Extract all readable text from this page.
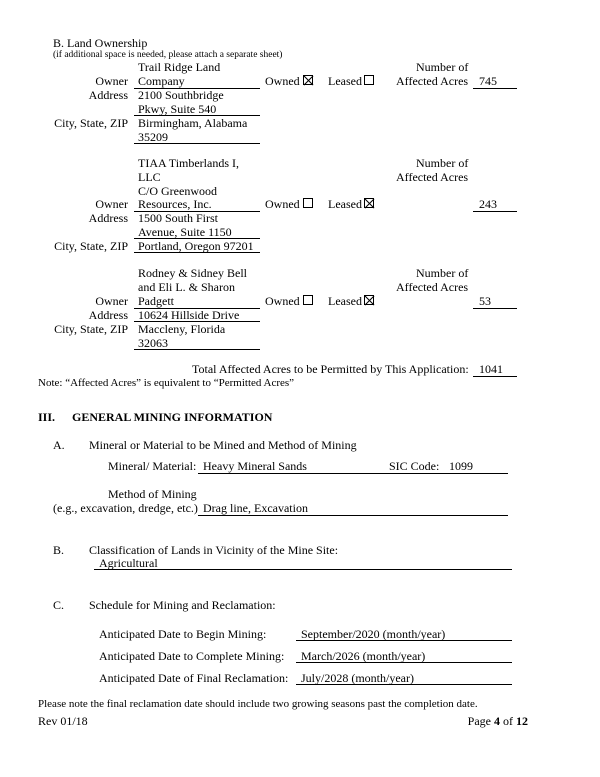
B. Land Ownership
(if additional space is needed, please attach a separate sheet)
Trail Ridge Land
Owner Company
Address 2100 Southbridge
Pkwy, Suite 540
City, State, ZIP Birmingham, Alabama
35209
Owned Leased
Number of
Affected Acres 745
TIAA Timberlands I,
LLC
C/O Greenwood
Owner Resources, Inc.
Address 1500 South First
Avenue, Suite 1150
City, State, ZIP Portland, Oregon 97201
Owned Leased
Number of
Affected Acres
243
Rodney & Sidney Bell
and Eli L. & Sharon
Owner Padgett
Address 10624 Hillside Drive
City, State, ZIP Maccleny, Florida
32063
Owned Leased
Number of
Affected Acres
53
Total Affected Acres to be Permitted by This Application: 1041
Note: “Affected Acres” is equivalent to “Permitted Acres”
III. GENERAL MINING INFORMATION
A. Mineral or Material to be Mined and Method of Mining
Mineral/ Material: Heavy Mineral Sands	SIC Code: 1099
Method of Mining
(e.g., excavation, dredge, etc.) Drag line, Excavation
B. Classification of Lands in Vicinity of the Mine Site:
Agricultural
C. Schedule for Mining and Reclamation:
Anticipated Date to Begin Mining:	September/2020 (month/year)
Anticipated Date to Complete Mining: March/2026 (month/year)
Anticipated Date of Final Reclamation: July/2028 (month/year)
Please note the final reclamation date should include two growing seasons past the completion date.
Rev 01/18	Page 4 of 12
